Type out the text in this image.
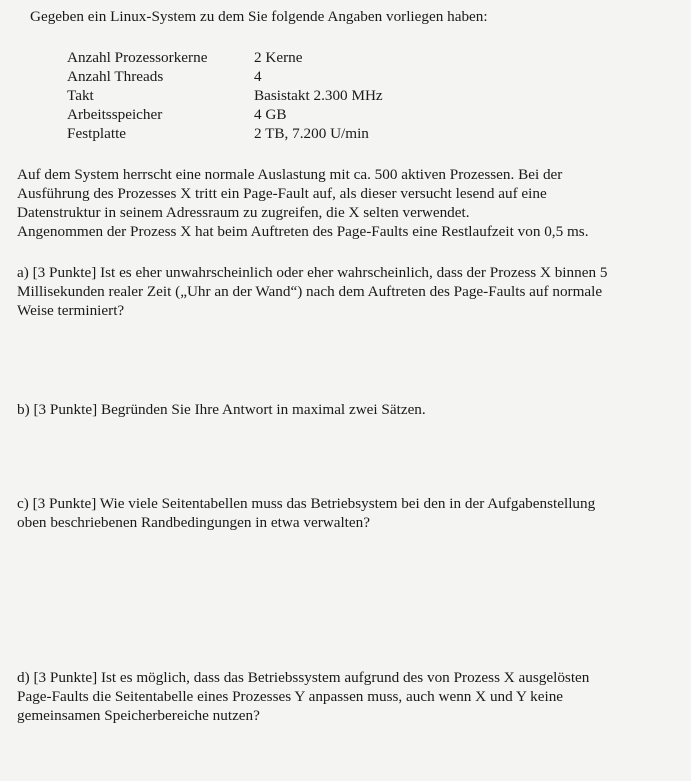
Gegeben ein Linux-System zu dem Sie folgende Angaben vorliegen haben:
Anzahl Prozessorkerne	2 Kerne
Anzahl Threads	4
Takt	Basistakt 2.300 MHz
Arbeitsspeicher	4 GB
Festplatte	2 TB, 7.200 U/min
Auf dem System herrscht eine normale Auslastung mit ca. 500 aktiven Prozessen. Bei der
Ausführung des Prozesses X tritt ein Page-Fault auf, als dieser versucht lesend auf eine
Datenstruktur in seinem Adressraum zu zugreifen, die X selten verwendet.
Angenommen der Prozess X hat beim Auftreten des Page-Faults eine Restlaufzeit von 0,5 ms.
a) [3 Punkte] Ist es eher unwahrscheinlich oder eher wahrscheinlich, dass der Prozess X binnen 5
Millisekunden realer Zeit („Uhr an der Wand“) nach dem Auftreten des Page-Faults auf normale
Weise terminiert?
b) [3 Punkte] Begründen Sie Ihre Antwort in maximal zwei Sätzen.
c) [3 Punkte] Wie viele Seitentabellen muss das Betriebsystem bei den in der Aufgabenstellung
oben beschriebenen Randbedingungen in etwa verwalten?
d) [3 Punkte] Ist es möglich, dass das Betriebssystem aufgrund des von Prozess X ausgelösten
Page-Faults die Seitentabelle eines Prozesses Y anpassen muss, auch wenn X und Y keine
gemeinsamen Speicherbereiche nutzen?
